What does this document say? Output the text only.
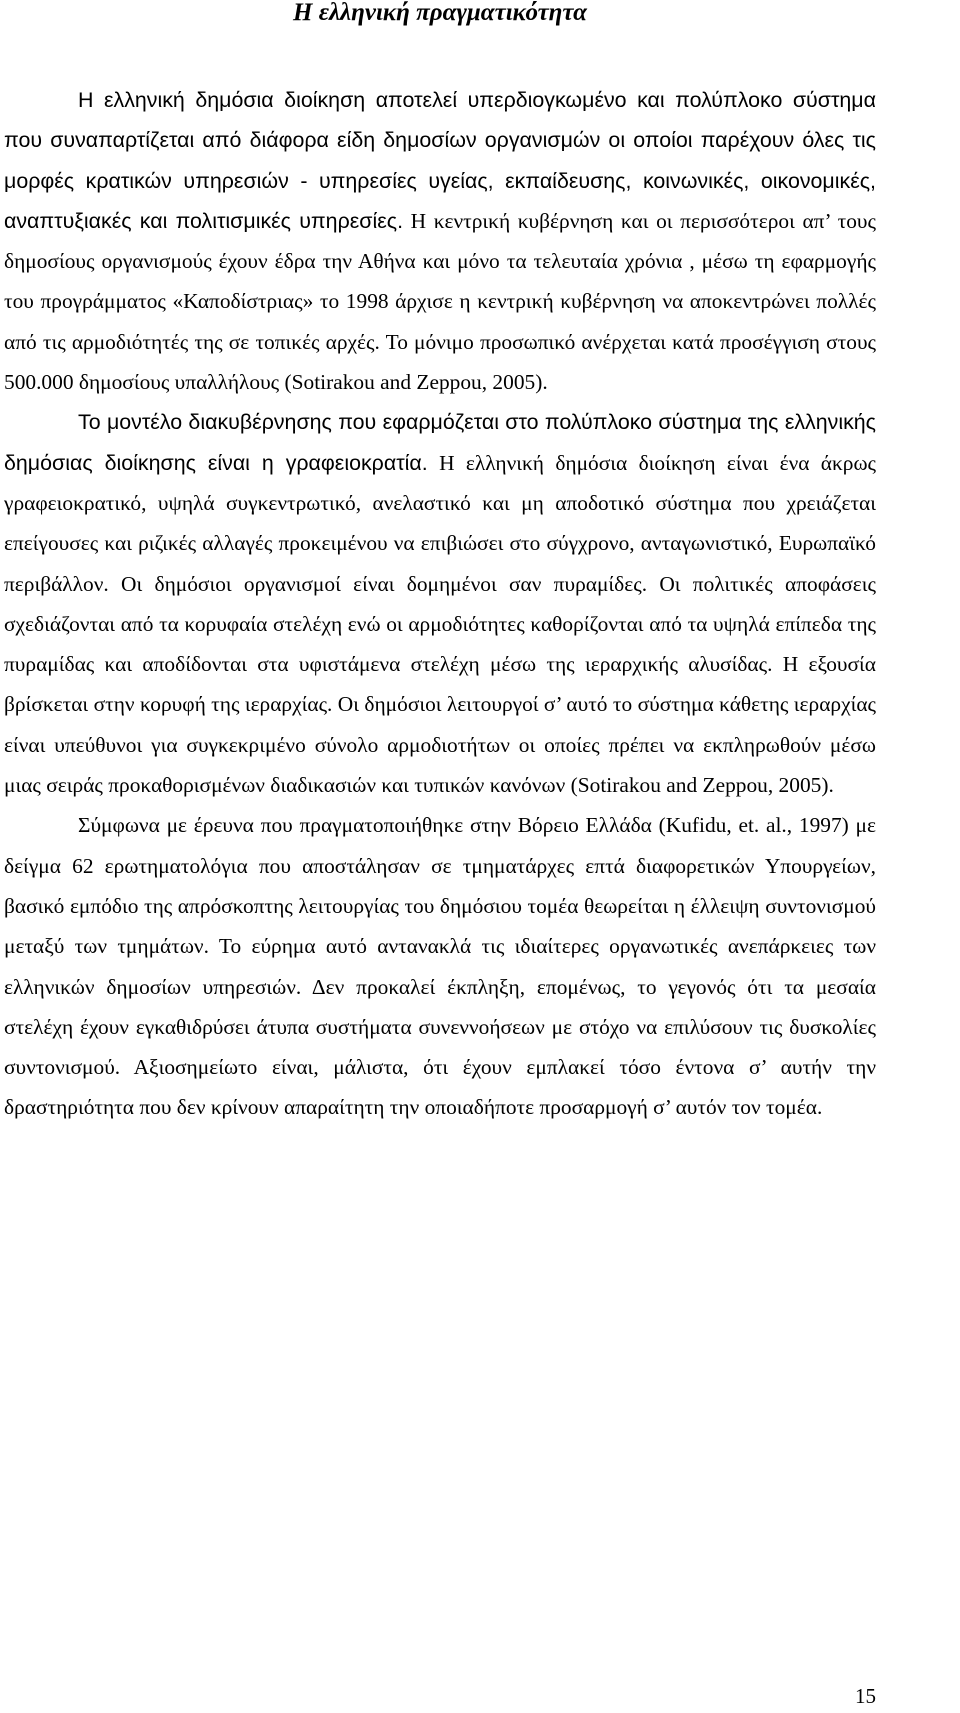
Η ελληνική πραγματικότητα

Η ελληνική δημόσια διοίκηση αποτελεί υπερδιογκωμένο και πολύπλοκο σύστημα που συναπαρτίζεται από διάφορα είδη δημοσίων οργανισμών οι οποίοι παρέχουν όλες τις μορφές κρατικών υπηρεσιών - υπηρεσίες υγείας, εκπαίδευσης, κοινωνικές, οικονομικές, αναπτυξιακές και πολιτισμικές υπηρεσίες. Η κεντρική κυβέρνηση και οι περισσότεροι απ’ τους δημοσίους οργανισμούς έχουν έδρα την Αθήνα και μόνο τα τελευταία χρόνια , μέσω τη εφαρμογής του προγράμματος «Καποδίστριας» το 1998 άρχισε η κεντρική κυβέρνηση να αποκεντρώνει πολλές από τις αρμοδιότητές της σε τοπικές αρχές. Το μόνιμο προσωπικό ανέρχεται κατά προσέγγιση στους 500.000 δημοσίους υπαλλήλους (Sotirakou and Zeppou, 2005).

Το μοντέλο διακυβέρνησης που εφαρμόζεται στο πολύπλοκο σύστημα της ελληνικής δημόσιας διοίκησης είναι η γραφειοκρατία. Η ελληνική δημόσια διοίκηση είναι ένα άκρως γραφειοκρατικό, υψηλά συγκεντρωτικό, ανελαστικό και μη αποδοτικό σύστημα που χρειάζεται επείγουσες και ριζικές αλλαγές προκειμένου να επιβιώσει στο σύγχρονο, ανταγωνιστικό, Ευρωπαϊκό περιβάλλον. Οι δημόσιοι οργανισμοί είναι δομημένοι σαν πυραμίδες. Οι πολιτικές αποφάσεις σχεδιάζονται από τα κορυφαία στελέχη ενώ οι αρμοδιότητες καθορίζονται από τα υψηλά επίπεδα της πυραμίδας και αποδίδονται στα υφιστάμενα στελέχη μέσω της ιεραρχικής αλυσίδας. Η εξουσία βρίσκεται στην κορυφή της ιεραρχίας. Οι δημόσιοι λειτουργοί σ’ αυτό το σύστημα κάθετης ιεραρχίας είναι υπεύθυνοι για συγκεκριμένο σύνολο αρμοδιοτήτων οι οποίες πρέπει να εκπληρωθούν μέσω μιας σειράς προκαθορισμένων διαδικασιών και τυπικών κανόνων (Sotirakou and Zeppou, 2005).

Σύμφωνα με έρευνα που πραγματοποιήθηκε στην Βόρειο Ελλάδα (Kufidu, et. al., 1997) με δείγμα 62 ερωτηματολόγια που αποστάλησαν σε τμηματάρχες επτά διαφορετικών Υπουργείων, βασικό εμπόδιο της απρόσκοπτης λειτουργίας του δημόσιου τομέα θεωρείται η έλλειψη συντονισμού μεταξύ των τμημάτων. Το εύρημα αυτό αντανακλά τις ιδιαίτερες οργανωτικές ανεπάρκειες των ελληνικών δημοσίων υπηρεσιών. Δεν προκαλεί έκπληξη, επομένως, το γεγονός ότι τα μεσαία στελέχη έχουν εγκαθιδρύσει άτυπα συστήματα συνεννοήσεων με στόχο να επιλύσουν τις δυσκολίες συντονισμού. Αξιοσημείωτο είναι, μάλιστα, ότι έχουν εμπλακεί τόσο έντονα σ’ αυτήν την δραστηριότητα που δεν κρίνουν απαραίτητη την οποιαδήποτε προσαρμογή σ’ αυτόν τον τομέα.

15
